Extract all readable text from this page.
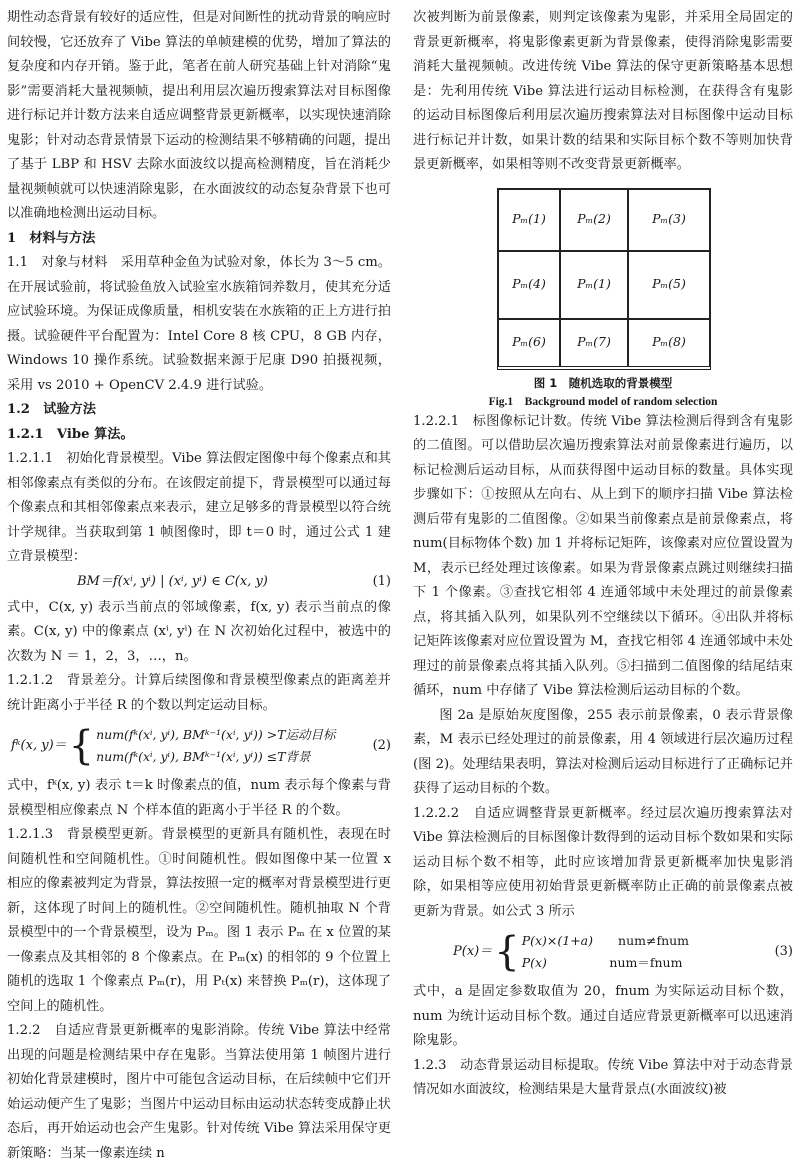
期性动态背景有较好的适应性，但是对间断性的扰动背景的响应时间较慢，它还放弃了 Vibe 算法的单帧建模的优势，增加了算法的复杂度和内存开销。鉴于此，笔者在前人研究基础上针对消除“鬼影”需要消耗大量视频帧，提出利用层次遍历搜索算法对目标图像进行标记并计数方法来自适应调整背景更新概率，以实现快速消除鬼影；针对动态背景情景下运动的检测结果不够精确的问题，提出了基于 LBP 和 HSV 去除水面波纹以提高检测精度，旨在消耗少量视频帧就可以快速消除鬼影，在水面波纹的动态复杂背景下也可以准确地检测出运动目标。

1　材料与方法

1.1　对象与材料　采用草种金鱼为试验对象，体长为 3～5 cm。在开展试验前，将试验鱼放入试验室水族箱饲养数月，使其充分适应试验环境。为保证成像质量，相机安装在水族箱的正上方进行拍摄。试验硬件平台配置为：Intel Core 8 核 CPU，8 GB 内存，Windows 10 操作系统。试验数据来源于尼康 D90 拍摄视频，采用 vs 2010 + OpenCV 2.4.9 进行试验。

1.2　试验方法

1.2.1　Vibe 算法。

1.2.1.1　初始化背景模型。Vibe 算法假定图像中每个像素点和其相邻像素点有类似的分布。在该假定前提下，背景模型可以通过每个像素点和其相邻像素点来表示，建立足够多的背景模型以符合统计学规律。当获取到第 1 帧图像时，即 t＝0 时，通过公式 1 建立背景模型：

BM＝f(xⁱ, yⁱ) | (xⁱ, yⁱ) ∈ C(x, y)	(1)

式中，C(x, y) 表示当前点的邻域像素，f(x, y) 表示当前点的像素。C(x, y) 中的像素点 (xⁱ, yⁱ) 在 N 次初始化过程中，被选中的次数为 N ＝ 1，2，3，…，n。

1.2.1.2　背景差分。计算后续图像和背景模型像素点的距离差并统计距离小于半径 R 的个数以判定运动目标。

fᵏ(x, y)＝ { num(fᵏ(xⁱ, yⁱ), BMᵏ⁻¹(xⁱ, yⁱ)) >T运动目标
num(fᵏ(xⁱ, yⁱ), BMᵏ⁻¹(xⁱ, yⁱ)) ≤T背景
(2)

式中，fᵏ(x, y) 表示 t＝k 时像素点的值，num 表示每个像素与背景模型相应像素点 N 个样本值的距离小于半径 R 的个数。

1.2.1.3　背景模型更新。背景模型的更新具有随机性，表现在时间随机性和空间随机性。①时间随机性。假如图像中某一位置 x 相应的像素被判定为背景，算法按照一定的概率对背景模型进行更新，这体现了时间上的随机性。②空间随机性。随机抽取 N 个背景模型中的一个背景模型，设为 Pₘ。图 1 表示 Pₘ 在 x 位置的某一像素点及其相邻的 8 个像素点。在 Pₘ(x) 的相邻的 9 个位置上随机的选取 1 个像素点 Pₘ(r)，用 Pₜ(x) 来替换 Pₘ(r)，这体现了空间上的随机性。

1.2.2　自适应背景更新概率的鬼影消除。传统 Vibe 算法中经常出现的问题是检测结果中存在鬼影。当算法使用第 1 帧图片进行初始化背景建模时，图片中可能包含运动目标，在后续帧中它们开始运动便产生了鬼影；当图片中运动目标由运动状态转变成静止状态后，再开始运动也会产生鬼影。针对传统 Vibe 算法采用保守更新策略：当某一像素连续 n

次被判断为前景像素，则判定该像素为鬼影，并采用全局固定的背景更新概率，将鬼影像素更新为背景像素，使得消除鬼影需要消耗大量视频帧。改进传统 Vibe 算法的保守更新策略基本思想是：先利用传统 Vibe 算法进行运动目标检测，在获得含有鬼影的运动目标图像后利用层次遍历搜索算法对目标图像中运动目标进行标记并计数，如果计数的结果和实际目标个数不等则加快背景更新概率，如果相等则不改变背景更新概率。

Pₘ(1)	Pₘ(2)	Pₘ(3)
Pₘ(4)	Pₘ(1)	Pₘ(5)
Pₘ(6)	Pₘ(7)	Pₘ(8)
图 1　随机选取的背景模型
Fig.1　Background model of random selection

1.2.2.1　标图像标记计数。传统 Vibe 算法检测后得到含有鬼影的二值图。可以借助层次遍历搜索算法对前景像素进行遍历，以标记检测后运动目标，从而获得图中运动目标的数量。具体实现步骤如下：①按照从左向右、从上到下的顺序扫描 Vibe 算法检测后带有鬼影的二值图像。②如果当前像素点是前景像素点，将 num(目标物体个数) 加 1 并将标记矩阵，该像素对应位置设置为 M，表示已经处理过该像素。如果为背景像素点跳过则继续扫描下 1 个像素。③查找它相邻 4 连通邻域中未处理过的前景像素点，将其插入队列，如果队列不空继续以下循环。④出队并将标记矩阵该像素对应位置设置为 M，查找它相邻 4 连通邻域中未处理过的前景像素点将其插入队列。⑤扫描到二值图像的结尾结束循环，num 中存储了 Vibe 算法检测后运动目标的个数。

图 2a 是原始灰度图像，255 表示前景像素，0 表示背景像素，M 表示已经处理过的前景像素，用 4 领域进行层次遍历过程(图 2)。处理结果表明，算法对检测后运动目标进行了正确标记并获得了运动目标的个数。

1.2.2.2　自适应调整背景更新概率。经过层次遍历搜索算法对 Vibe 算法检测后的目标图像计数得到的运动目标个数如果和实际运动目标个数不相等，此时应该增加背景更新概率加快鬼影消除，如果相等应使用初始背景更新概率防止正确的前景像素点被更新为背景。如公式 3 所示

P(x)＝ { P(x)×(1+a)　　 num≠fnum
P(x)　　　　　	num＝fnum
(3)

式中，a 是固定参数取值为 20，fnum 为实际运动目标个数，num 为统计运动目标个数。通过自适应背景更新概率可以迅速消除鬼影。

1.2.3　动态背景运动目标提取。传统 Vibe 算法中对于动态背景情况如水面波纹，检测结果是大量背景点(水面波纹)被
